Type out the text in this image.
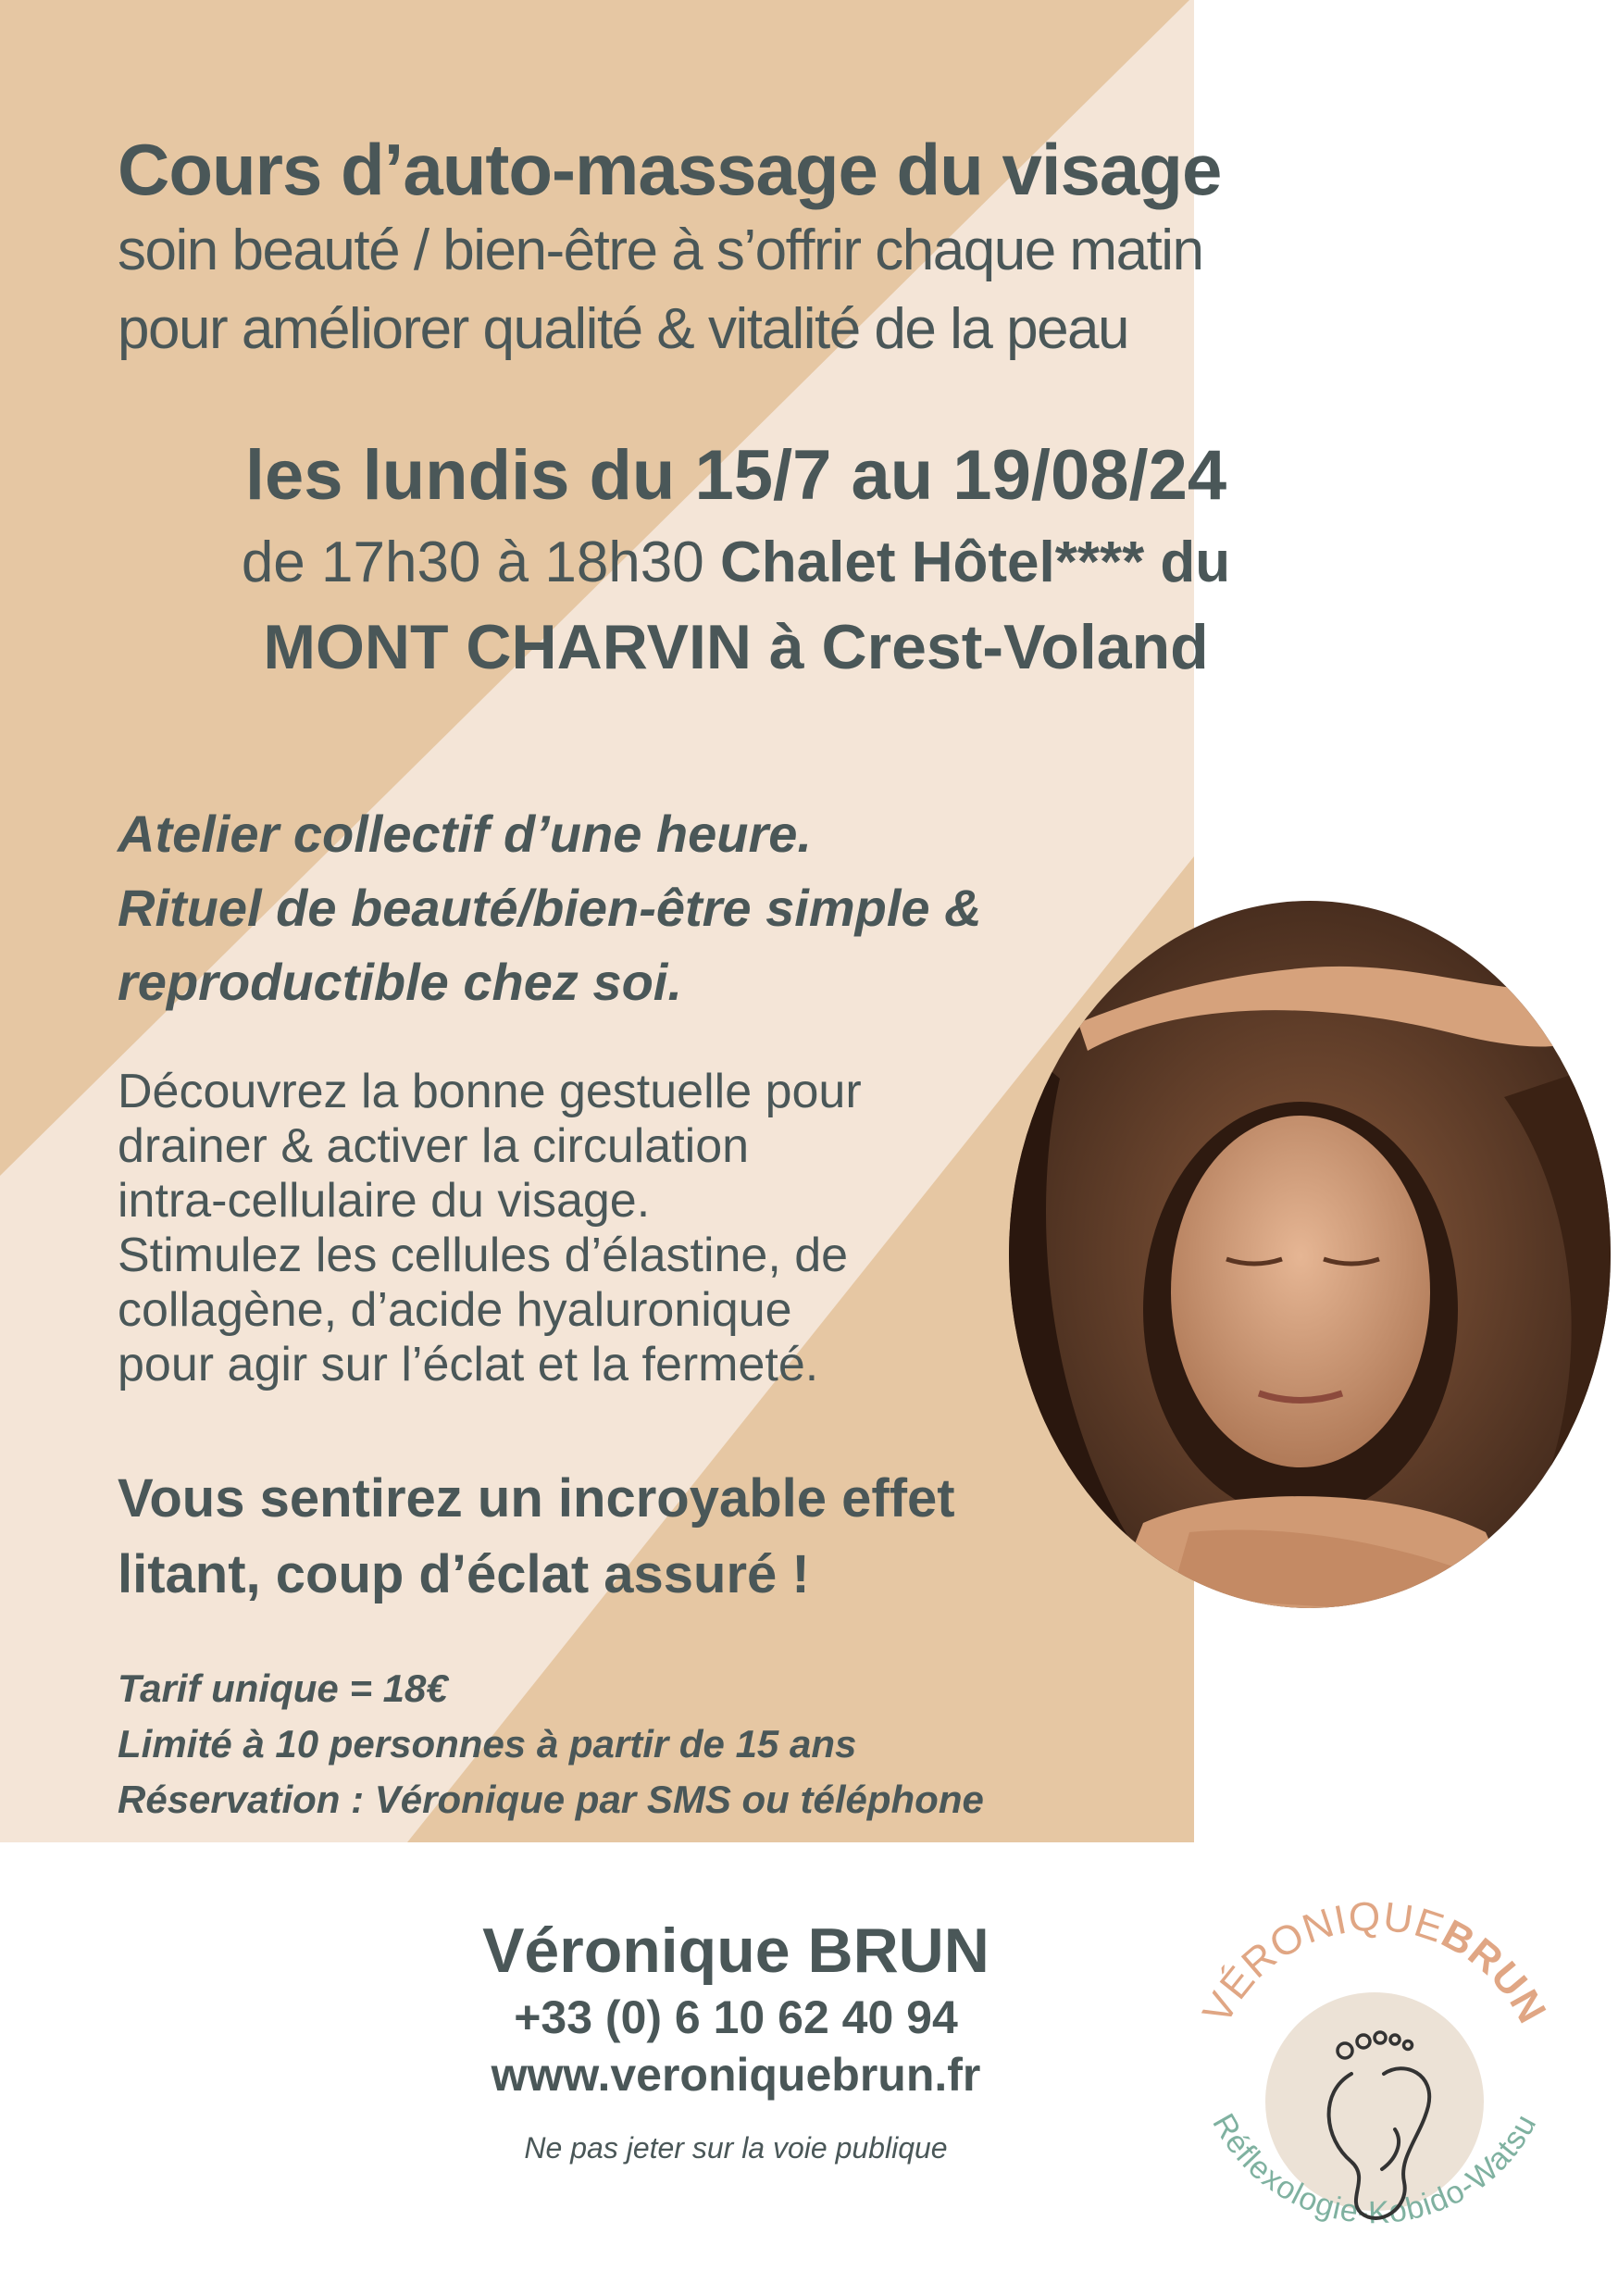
Cours d’auto-massage du visage

soin beauté / bien-être à s’offrir chaque matin

pour améliorer qualité & vitalité de la peau

les lundis du 15/7 au 19/08/24

de 17h30 à 18h30 Chalet Hôtel**** du

MONT CHARVIN à Crest-Voland

Atelier collectif d’une heure.

Rituel de beauté/bien-être simple &

reproductible chez soi.

Découvrez la bonne gestuelle pour
drainer & activer la circulation
intra-cellulaire du visage.
Stimulez les cellules d’élastine, de
collagène, d’acide hyaluronique
pour agir sur l’éclat et la fermeté.

Vous sentirez un incroyable effet

litant, coup d’éclat assuré !

Tarif unique = 18€

Limité à 10 personnes à partir de 15 ans

Réservation : Véronique par SMS ou téléphone

Véronique BRUN

+33 (0) 6 10 62 40 94

www.veroniquebrun.fr

Ne pas jeter sur la voie publique

VÉRONIQUEBRUN
Réflexologie-Kobido-Watsu
